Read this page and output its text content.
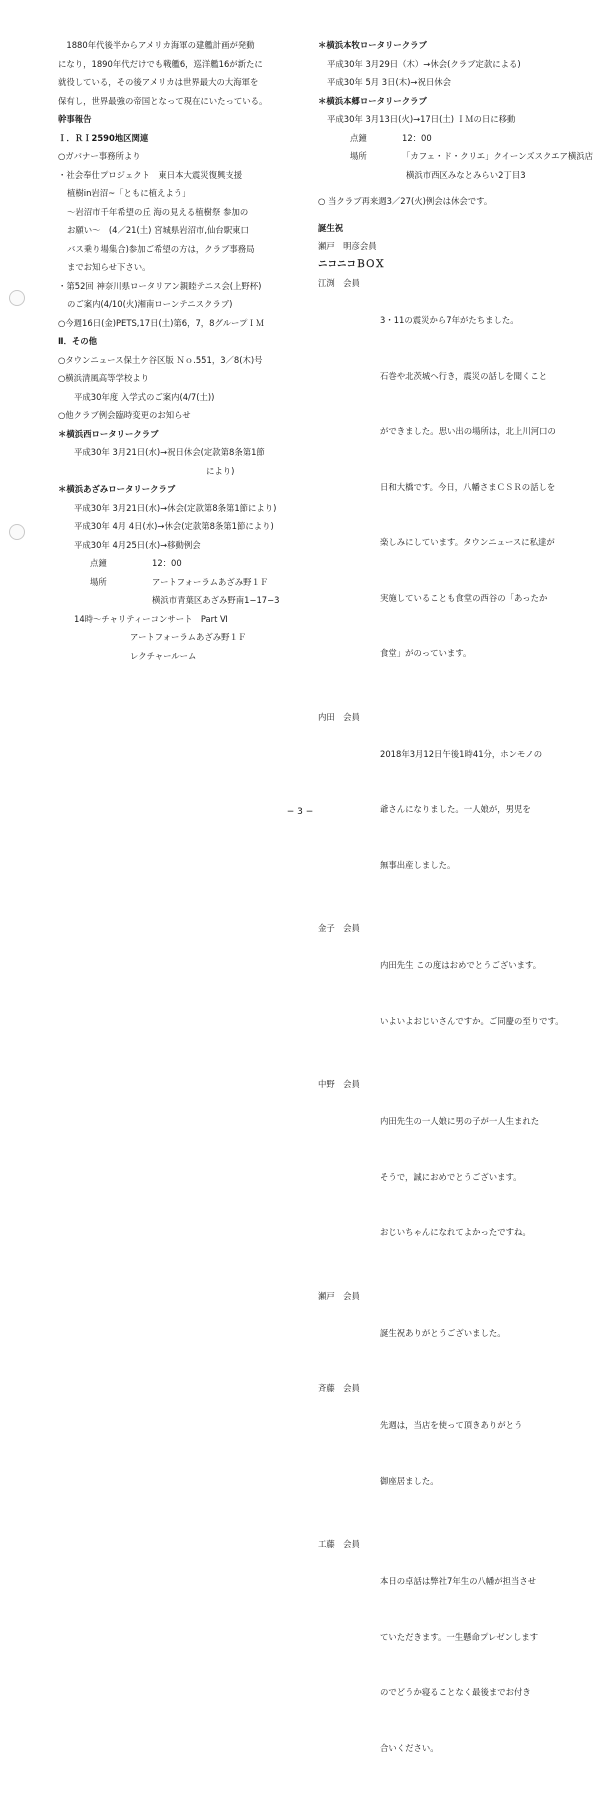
　1880年代後半からアメリカ海軍の建艦計画が発動

になり，1890年代だけでも戦艦6，巡洋艦16が新たに

就役している，その後アメリカは世界最大の大海軍を

保有し，世界最強の帝国となって現在にいたっている。

幹事報告

Ｉ．ＲＩ2590地区関連

○ガバナー事務所より

・社会奉仕プロジェクト　東日本大震災復興支援

植樹in岩沼~「ともに植えよう」

～岩沼市千年希望の丘 海の見える植樹祭 参加の

お願い～　(4／21(土) 宮城県岩沼市,仙台駅東口

バス乗り場集合)参加ご希望の方は，クラブ事務局

までお知らせ下さい。

・第52回 神奈川県ロータリアン親睦テニス会(上野杯)

のご案内(4/10(火)湘南ローンテニスクラブ)

○今週16日(金)PETS,17日(土)第6，7，8グループＩＭ

Ⅱ．その他

○タウンニュース保土ケ谷区版 Ｎｏ.551，3／8(木)号

○横浜清風高等学校より

平成30年度 入学式のご案内(4/7(土))

○他クラブ例会臨時変更のお知らせ

＊横浜西ロータリークラブ

平成30年 3月21日(水)→祝日休会(定款第8条第1節

により)

＊横浜あざみロータリークラブ

平成30年 3月21日(水)→休会(定款第8条第1節により)

平成30年 4月 4日(水)→休会(定款第8条第1節により)

平成30年 4月25日(水)→移動例会

点鐘	12：00
場所	アートフォーラムあざみ野１Ｆ

横浜市青葉区あざみ野南1−17−3

14時～チャリティーコンサート　Part Ⅵ

アートフォーラムあざみ野１Ｆ

レクチャールーム

＊横浜本牧ロータリークラブ

平成30年 3月29日（木）→休会(クラブ定款による)

平成30年 5月 3日(木)→祝日休会

＊横浜本郷ロータリークラブ

平成30年 3月13日(火)→17日(土) ＩＭの日に移動

点鐘	12：00
場所	「カフェ・ド・クリエ」クイーンズスクエア横浜店

横浜市西区みなとみらい2丁目3

○ 当クラブ再来週3／27(火)例会は休会です。

誕生祝

瀬戸　明彦会員

ニコニコＢＯＸ

江渕　会員

3・11の震災から7年がたちました。

石巻や北茨城へ行き，震災の話しを聞くこと

ができました。思い出の場所は，北上川河口の

日和大橋です。今日，八幡さまＣＳＲの話しを

楽しみにしています。タウンニュースに私達が

実施していることも食堂の西谷の「あったか

食堂」がのっています。

内田　会員

2018年3月12日午後1時41分，ホンモノの

爺さんになりました。一人娘が，男児を

無事出産しました。

金子　会員

内田先生 この度はおめでとうございます。

いよいよおじいさんですか。ご同慶の至りです。

中野　会員

内田先生の一人娘に男の子が一人生まれた

そうで，誠におめでとうございます。

おじいちゃんになれてよかったですね。

瀬戸　会員

誕生祝ありがとうございました。

斉藤　会員

先週は，当店を使って頂きありがとう

御座居ました。

工藤　会員

本日の卓話は弊社7年生の八幡が担当させ

ていただきます。一生懸命プレゼンします

のでどうか寝ることなく最後までお付き

合いください。

− 3 −
